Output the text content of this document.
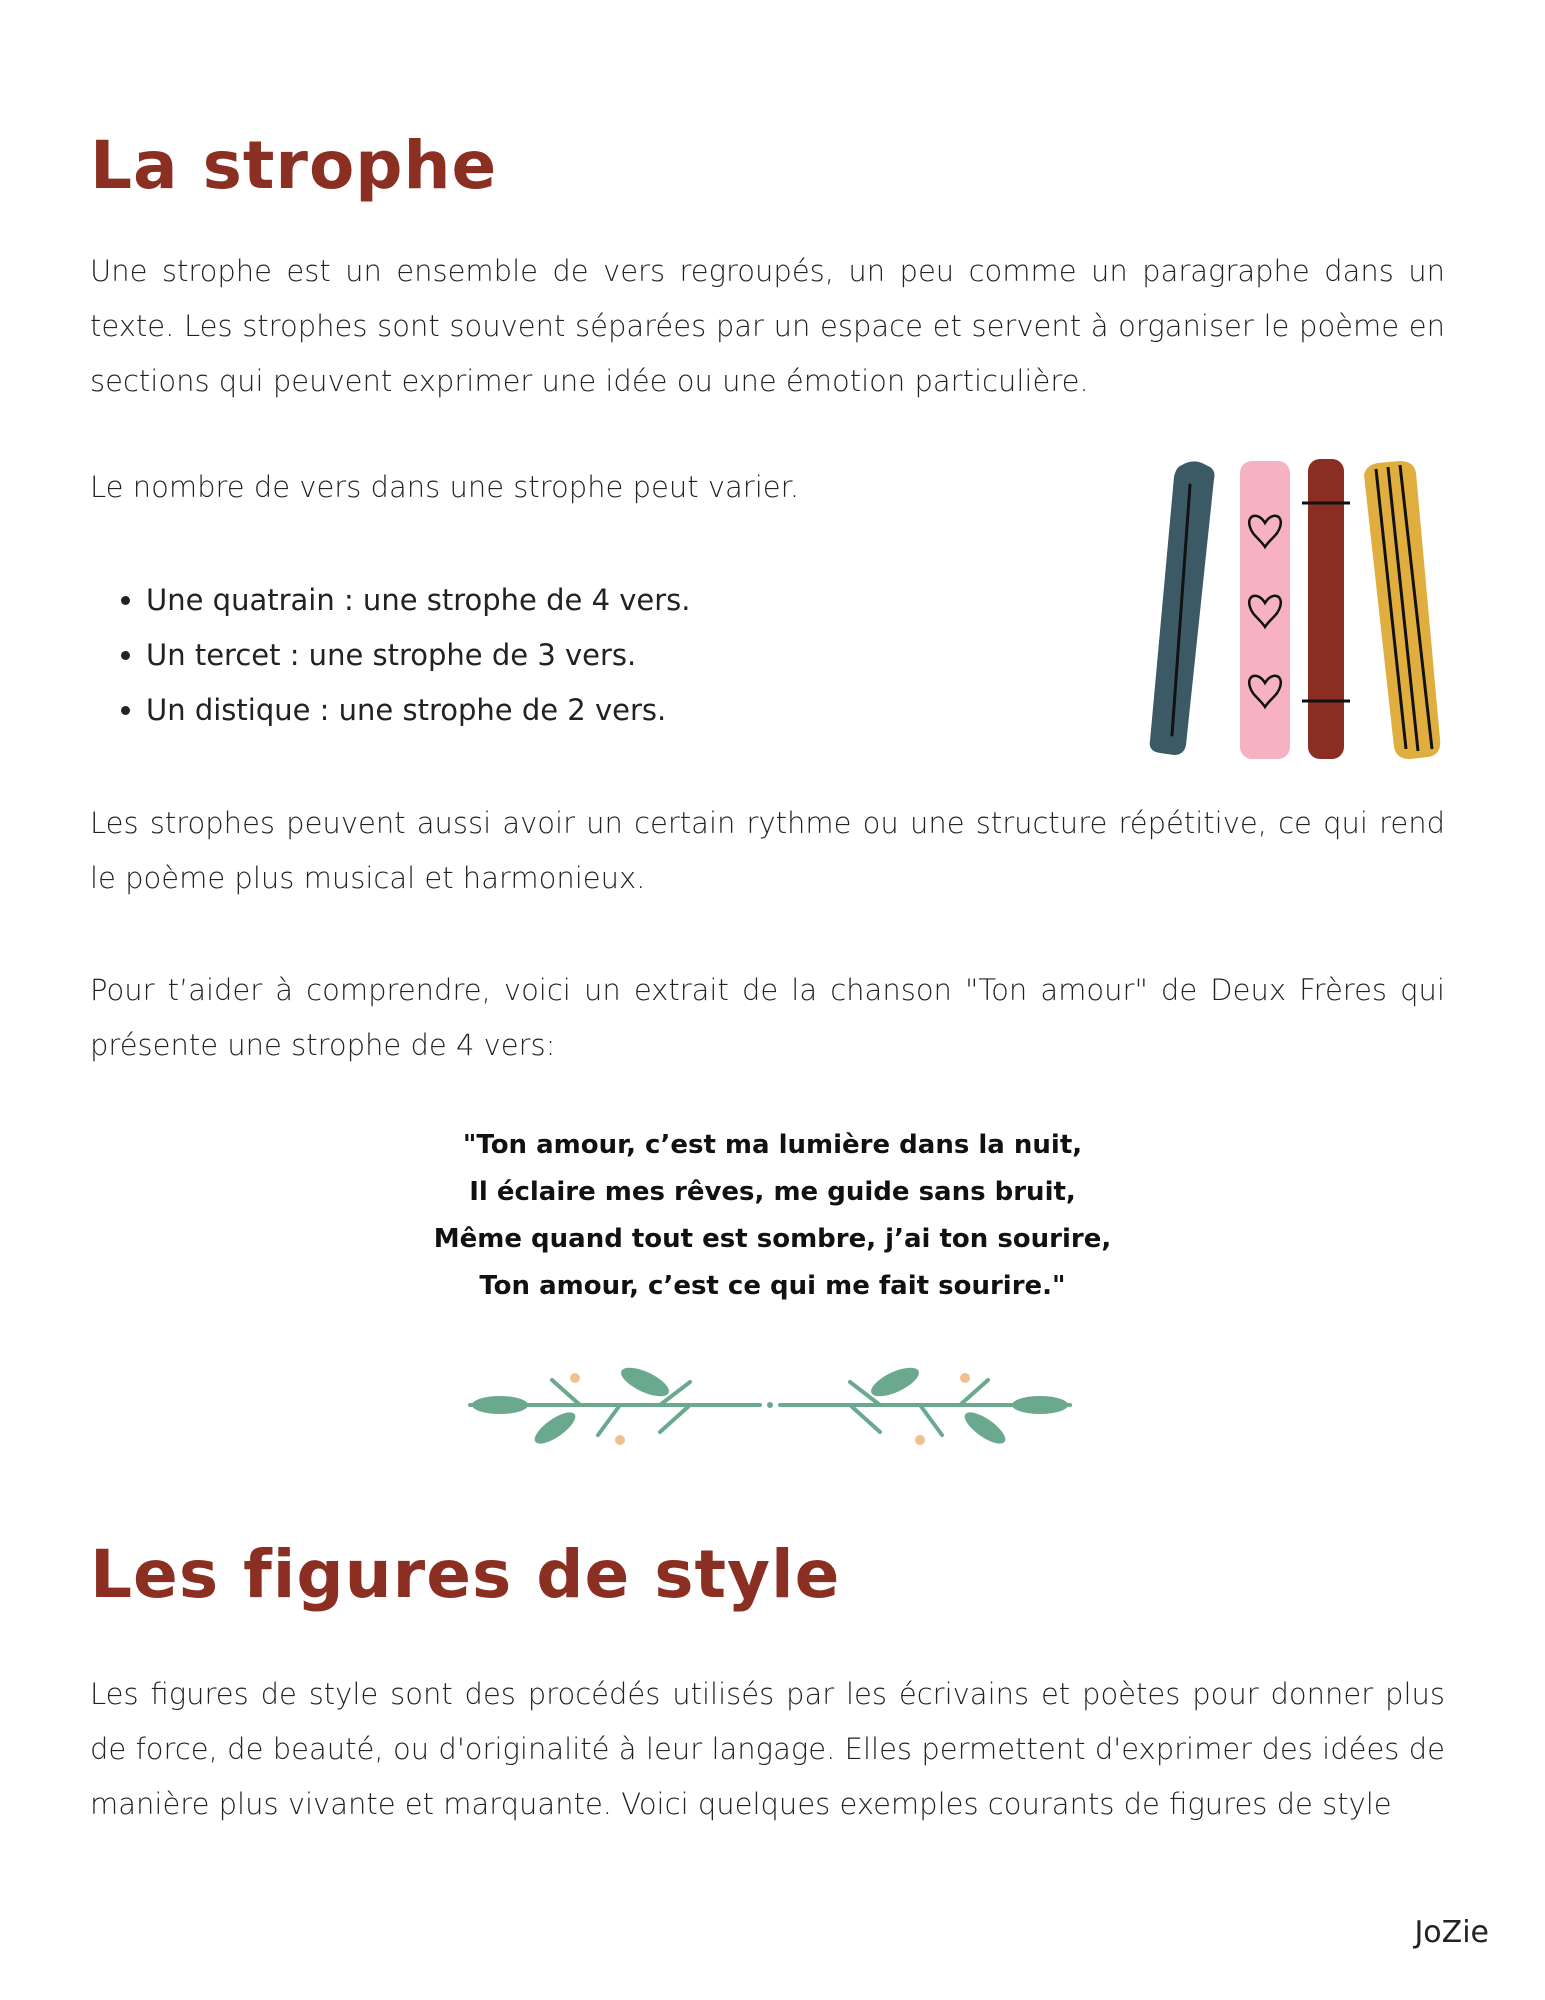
La strophe

Une strophe est un ensemble de vers regroupés, un peu comme un paragraphe dans un texte. Les strophes sont souvent séparées par un espace et servent à organiser le poème en sections qui peuvent exprimer une idée ou une émotion particulière.

Le nombre de vers dans une strophe peut varier.

• Une quatrain : une strophe de 4 vers.
• Un tercet : une strophe de 3 vers.
• Un distique : une strophe de 2 vers.

Les strophes peuvent aussi avoir un certain rythme ou une structure répétitive, ce qui rend le poème plus musical et harmonieux.

Pour t’aider à comprendre, voici un extrait de la chanson "Ton amour" de Deux Frères qui présente une strophe de 4 vers:

"Ton amour, c’est ma lumière dans la nuit,
Il éclaire mes rêves, me guide sans bruit,
Même quand tout est sombre, j’ai ton sourire,
Ton amour, c’est ce qui me fait sourire."
Les figures de style

Les figures de style sont des procédés utilisés par les écrivains et poètes pour donner plus de force, de beauté, ou d'originalité à leur langage. Elles permettent d'exprimer des idées de manière plus vivante et marquante. Voici quelques exemples courants de figures de style

JoZie
